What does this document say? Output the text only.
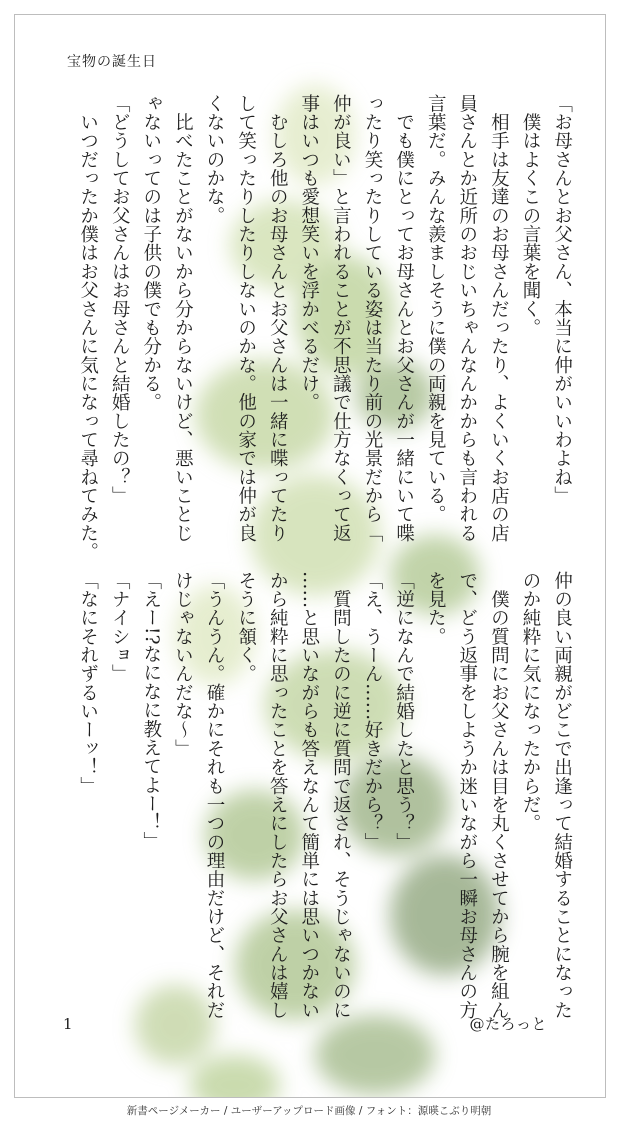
宝物の誕生日
「お母さんとお父さん、本当に仲がいいわよね」
　僕はよくこの言葉を聞く。
　相手は友達のお母さんだったり、よくいくお店の店
員さんとか近所のおじいちゃんなんかからも言われる
言葉だ。みんな羨ましそうに僕の両親を見ている。
　でも僕にとってお母さんとお父さんが一緒にいて喋
ったり笑ったりしている姿は当たり前の光景だから「
仲が良い」と言われることが不思議で仕方なくって返
事はいつも愛想笑いを浮かべるだけ。
　むしろ他のお母さんとお父さんは一緒に喋ってたり
して笑ったりしたりしないのかな。他の家では仲が良
くないのかな。
　比べたことがないから分からないけど、悪いことじ
ゃないってのは子供の僕でも分かる。
「どうしてお父さんはお母さんと結婚したの？」
　いつだったか僕はお父さんに気になって尋ねてみた。
仲の良い両親がどこで出逢って結婚することになった
のか純粋に気になったからだ。
　僕の質問にお父さんは目を丸くさせてから腕を組ん
で、どう返事をしようか迷いながら一瞬お母さんの方
を見た。
「逆になんで結婚したと思う？」
「え、うーん……好きだから？」
　質問したのに逆に質問で返され、そうじゃないのに
……と思いながらも答えなんて簡単には思いつかない
から純粋に思ったことを答えにしたらお父さんは嬉し
そうに頷く。
「うんうん。確かにそれも一つの理由だけど、それだ
けじゃないんだな～」
「えー!?なになに教えてよー！」
「ナイショ」
「なにそれずるいーッ！」
1	@たろっと
新書ページメーカー / ユーザーアップロード画像 / フォント：源暎こぶり明朝
